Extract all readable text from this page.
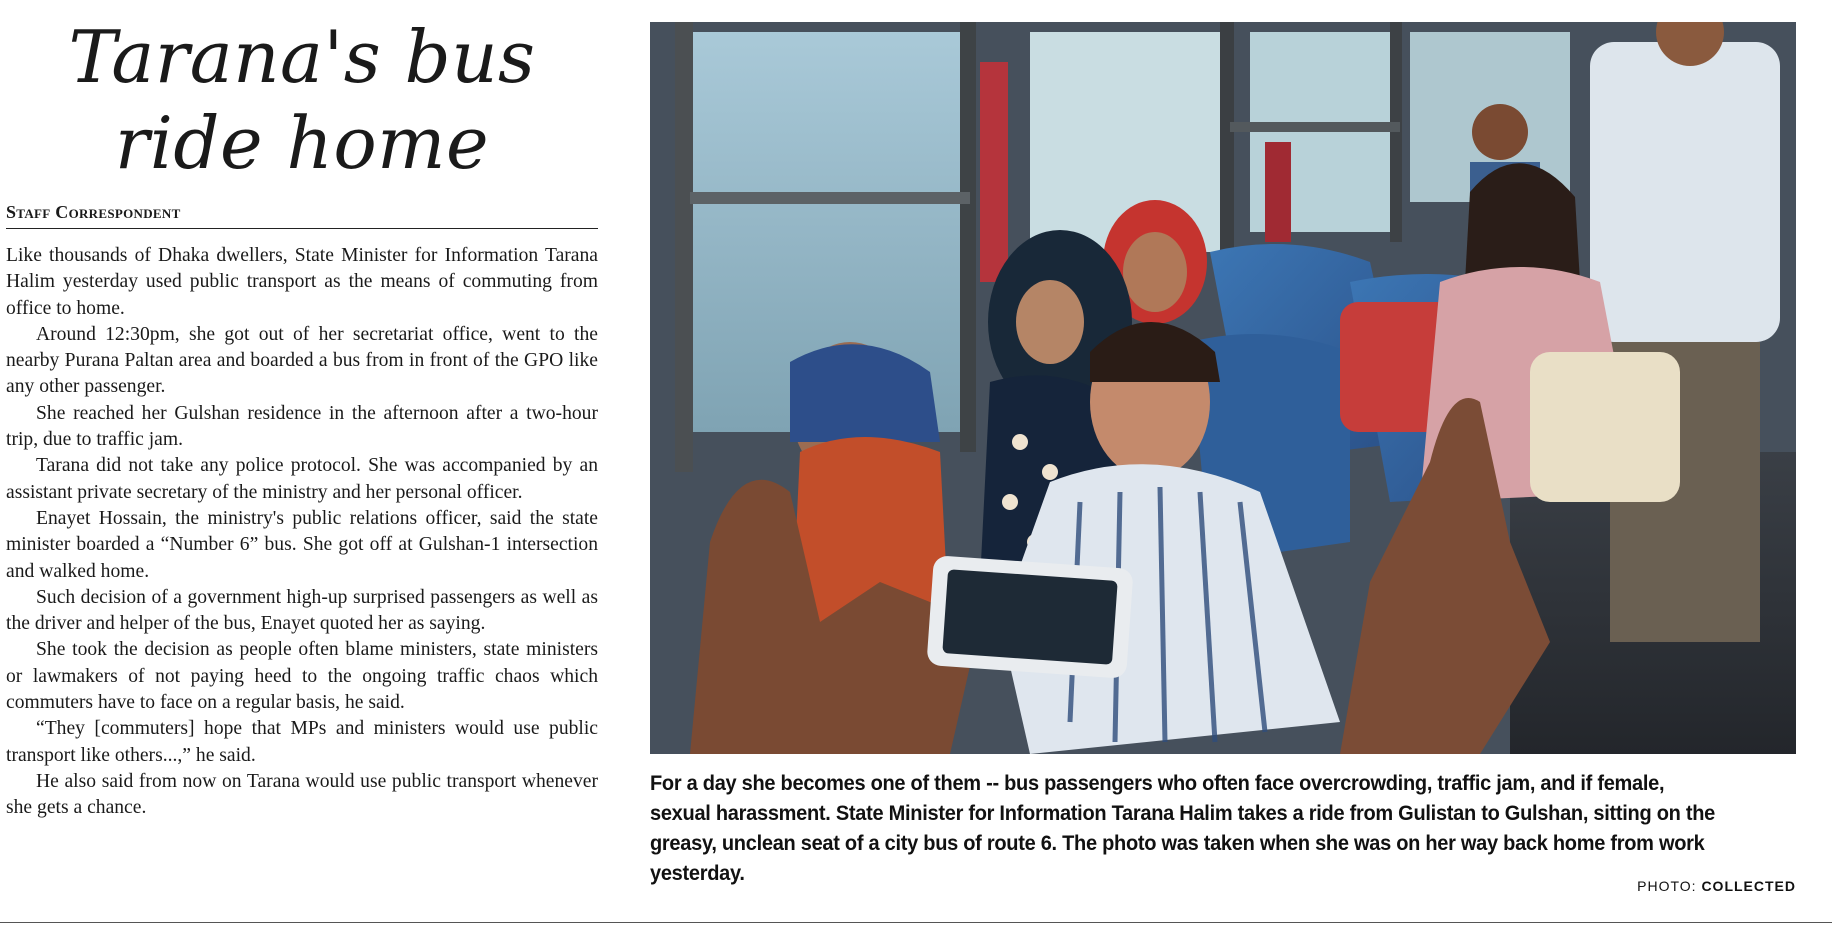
Tarana's bus
ride home
Staff Correspondent

Like thousands of Dhaka dwellers, State Minister for Information Tarana Halim yesterday used public transport as the means of commuting from office to home.

Around 12:30pm, she got out of her secretariat office, went to the nearby Purana Paltan area and boarded a bus from in front of the GPO like any other passenger.

She reached her Gulshan residence in the afternoon after a two-hour trip, due to traffic jam.

Tarana did not take any police protocol. She was accompanied by an assistant private secretary of the ministry and her personal officer.

Enayet Hossain, the ministry's public relations officer, said the state minister boarded a “Number 6” bus. She got off at Gulshan-1 intersection and walked home.

Such decision of a government high-up surprised passengers as well as the driver and helper of the bus, Enayet quoted her as saying.

She took the decision as people often blame ministers, state ministers or lawmakers of not paying heed to the ongoing traffic chaos which commuters have to face on a regular basis, he said.

“They [commuters] hope that MPs and ministers would use public transport like others...,” he said.

He also said from now on Tarana would use public transport whenever she gets a chance.

For a day she becomes one of them -- bus passengers who often face overcrowding, traffic jam, and if female, sexual harassment. State Minister for Information Tarana Halim takes a ride from Gulistan to Gulshan, sitting on the greasy, unclean seat of a city bus of route 6. The photo was taken when she was on her way back home from work yesterday.
PHOTO: COLLECTED
